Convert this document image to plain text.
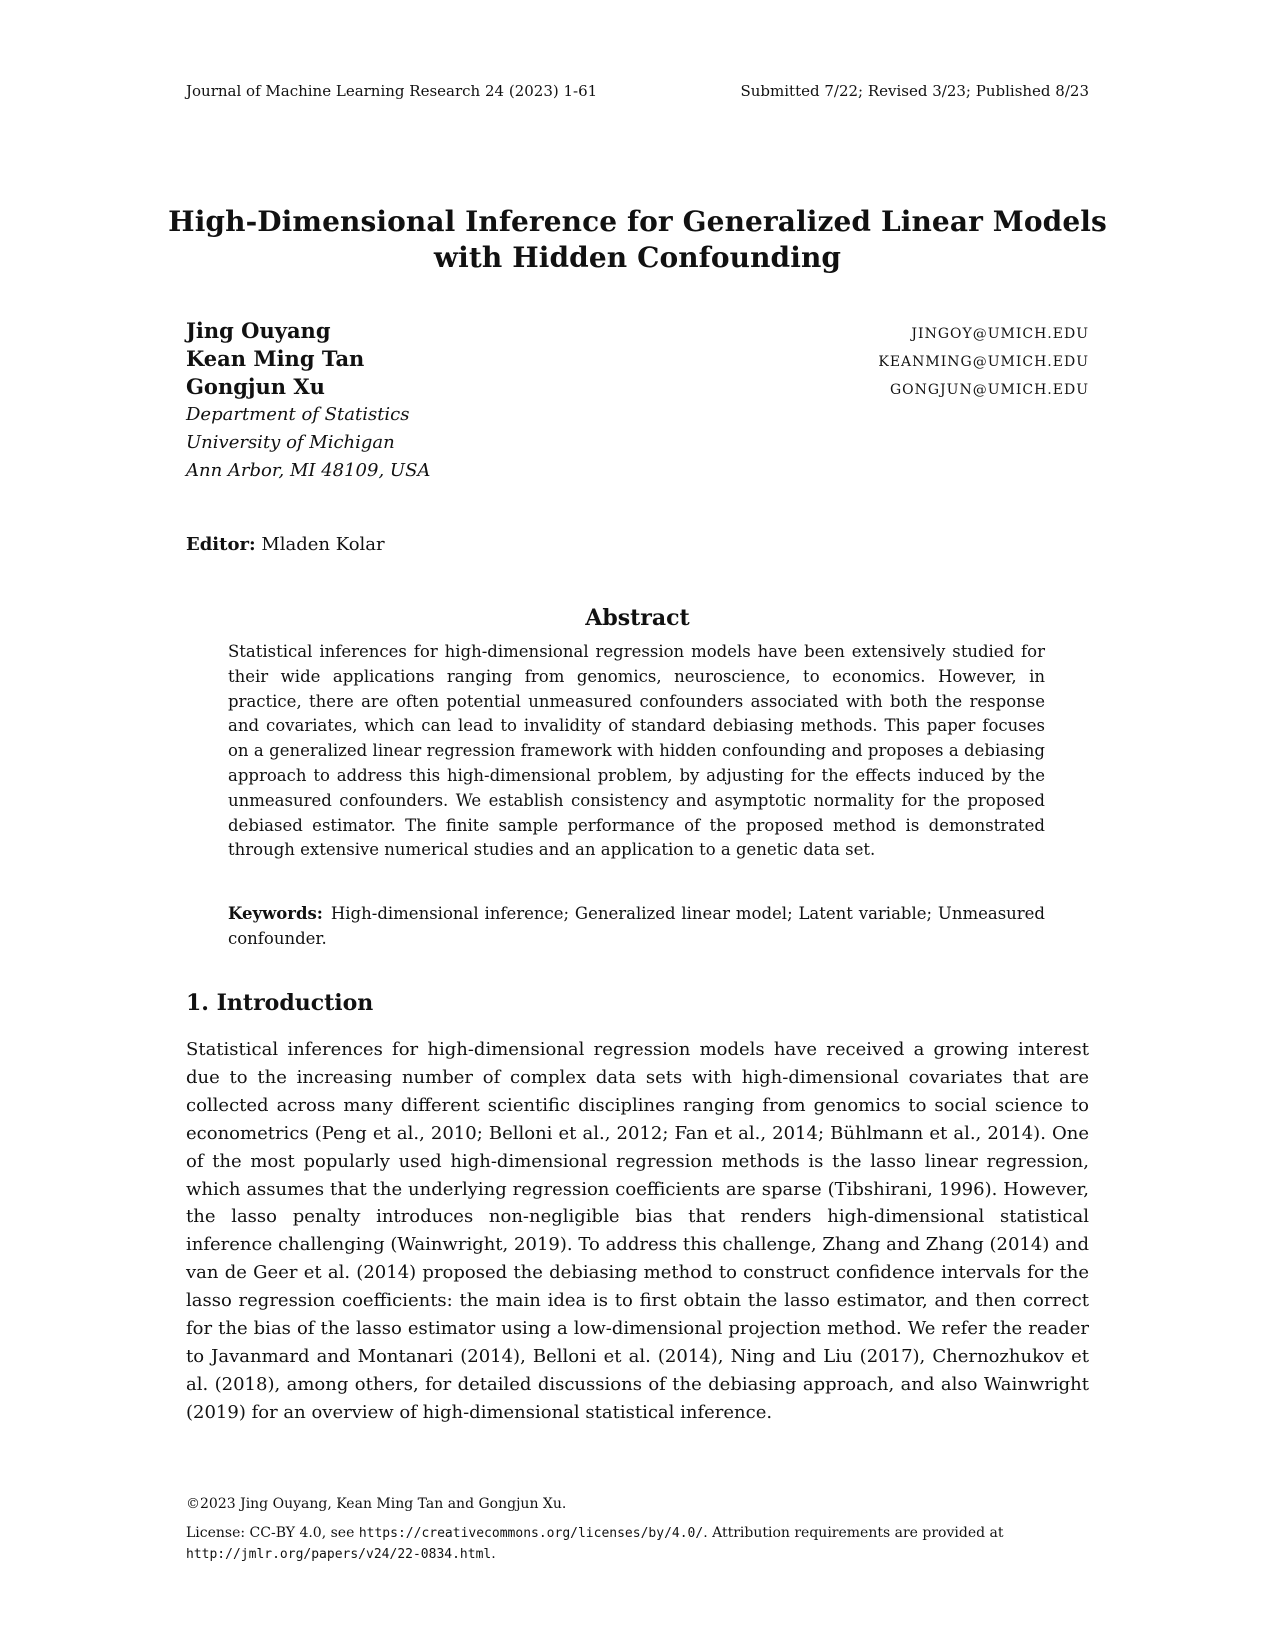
Journal of Machine Learning Research 24 (2023) 1-61	Submitted 7/22; Revised 3/23; Published 8/23
High-Dimensional Inference for Generalized Linear Models
with Hidden Confounding
Jing Ouyang	JINGOY@UMICH.EDU
Kean Ming Tan	KEANMING@UMICH.EDU
Gongjun Xu	GONGJUN@UMICH.EDU
Department of Statistics
University of Michigan
Ann Arbor, MI 48109, USA
Editor: Mladen Kolar
Abstract
Statistical inferences for high-dimensional regression models have been extensively studied for their wide applications ranging from genomics, neuroscience, to economics. However, in practice, there are often potential unmeasured confounders associated with both the response and covariates, which can lead to invalidity of standard debiasing methods. This paper focuses on a generalized linear regression framework with hidden confounding and proposes a debiasing approach to address this high-dimensional problem, by adjusting for the effects induced by the unmeasured confounders. We establish consistency and asymptotic normality for the proposed debiased estimator. The finite sample performance of the proposed method is demonstrated through extensive numerical studies and an application to a genetic data set.
Keywords: High-dimensional inference; Generalized linear model; Latent variable; Unmeasured confounder.
1. Introduction
Statistical inferences for high-dimensional regression models have received a growing interest due to the increasing number of complex data sets with high-dimensional covariates that are collected across many different scientific disciplines ranging from genomics to social science to econometrics (Peng et al., 2010; Belloni et al., 2012; Fan et al., 2014; Bühlmann et al., 2014). One of the most popularly used high-dimensional regression methods is the lasso linear regression, which assumes that the underlying regression coefficients are sparse (Tibshirani, 1996). However, the lasso penalty introduces non-negligible bias that renders high-dimensional statistical inference challenging (Wainwright, 2019). To address this challenge, Zhang and Zhang (2014) and van de Geer et al. (2014) proposed the debiasing method to construct confidence intervals for the lasso regression coefficients: the main idea is to first obtain the lasso estimator, and then correct for the bias of the lasso estimator using a low-dimensional projection method. We refer the reader to Javanmard and Montanari (2014), Belloni et al. (2014), Ning and Liu (2017), Chernozhukov et al. (2018), among others, for detailed discussions of the debiasing approach, and also Wainwright (2019) for an overview of high-dimensional statistical inference.
©2023 Jing Ouyang, Kean Ming Tan and Gongjun Xu.
License: CC-BY 4.0, see https://creativecommons.org/licenses/by/4.0/. Attribution requirements are provided at http://jmlr.org/papers/v24/22-0834.html.
